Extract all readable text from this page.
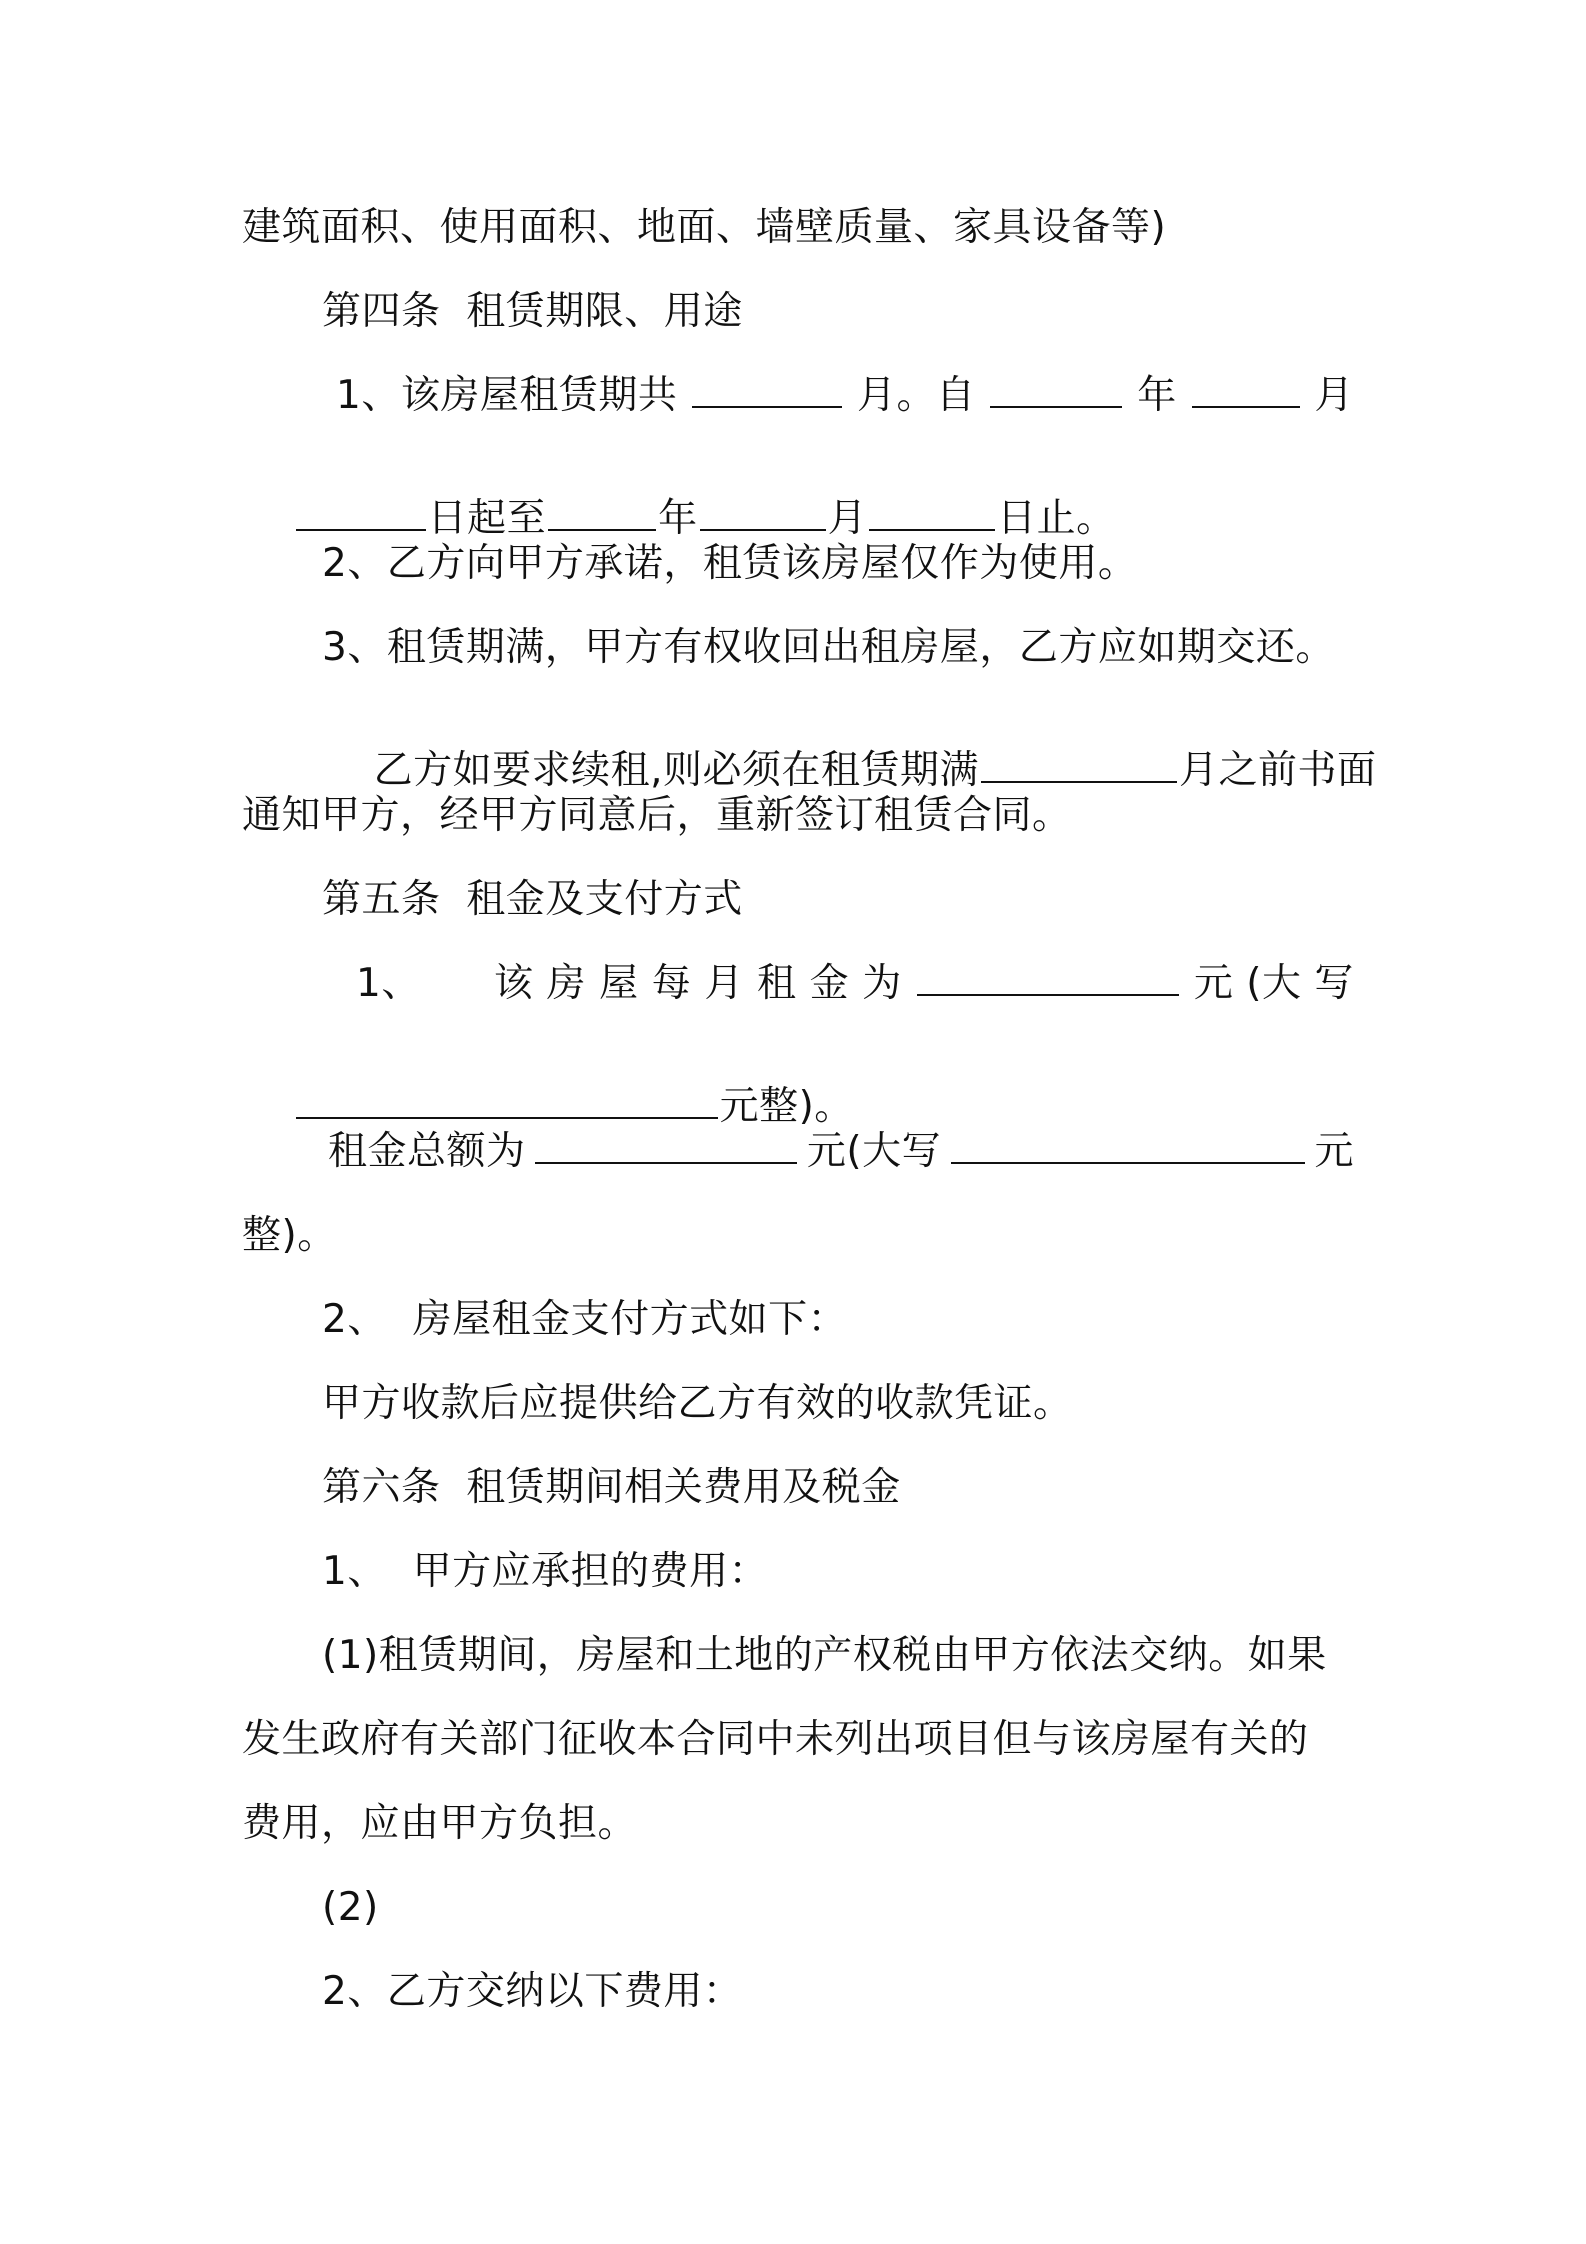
建筑面积、使用面积、地面、墙壁质量、家具设备等)
第四条  租赁期限、用途
1、该房屋租赁期共	月。自	年	月

日起至	年	月	日止。

2、乙方向甲方承诺，租赁该房屋仅作为使用。
3、租赁期满，甲方有权收回出租房屋，乙方应如期交还。

乙方如要求续租,则必须在租赁期满	月之前书面

通知甲方，经甲方同意后，重新签订租赁合同。
第五条  租金及支付方式
1、 该 房 屋 每 月 租 金 为	元 (大 写

元整)。

租金总额为	元(大写	元
整)。
2、  房屋租金支付方式如下：
甲方收款后应提供给乙方有效的收款凭证。
第六条  租赁期间相关费用及税金
1、  甲方应承担的费用：
(1)租赁期间，房屋和土地的产权税由甲方依法交纳。如果
发生政府有关部门征收本合同中未列出项目但与该房屋有关的
费用，应由甲方负担。
(2)
2、乙方交纳以下费用：
